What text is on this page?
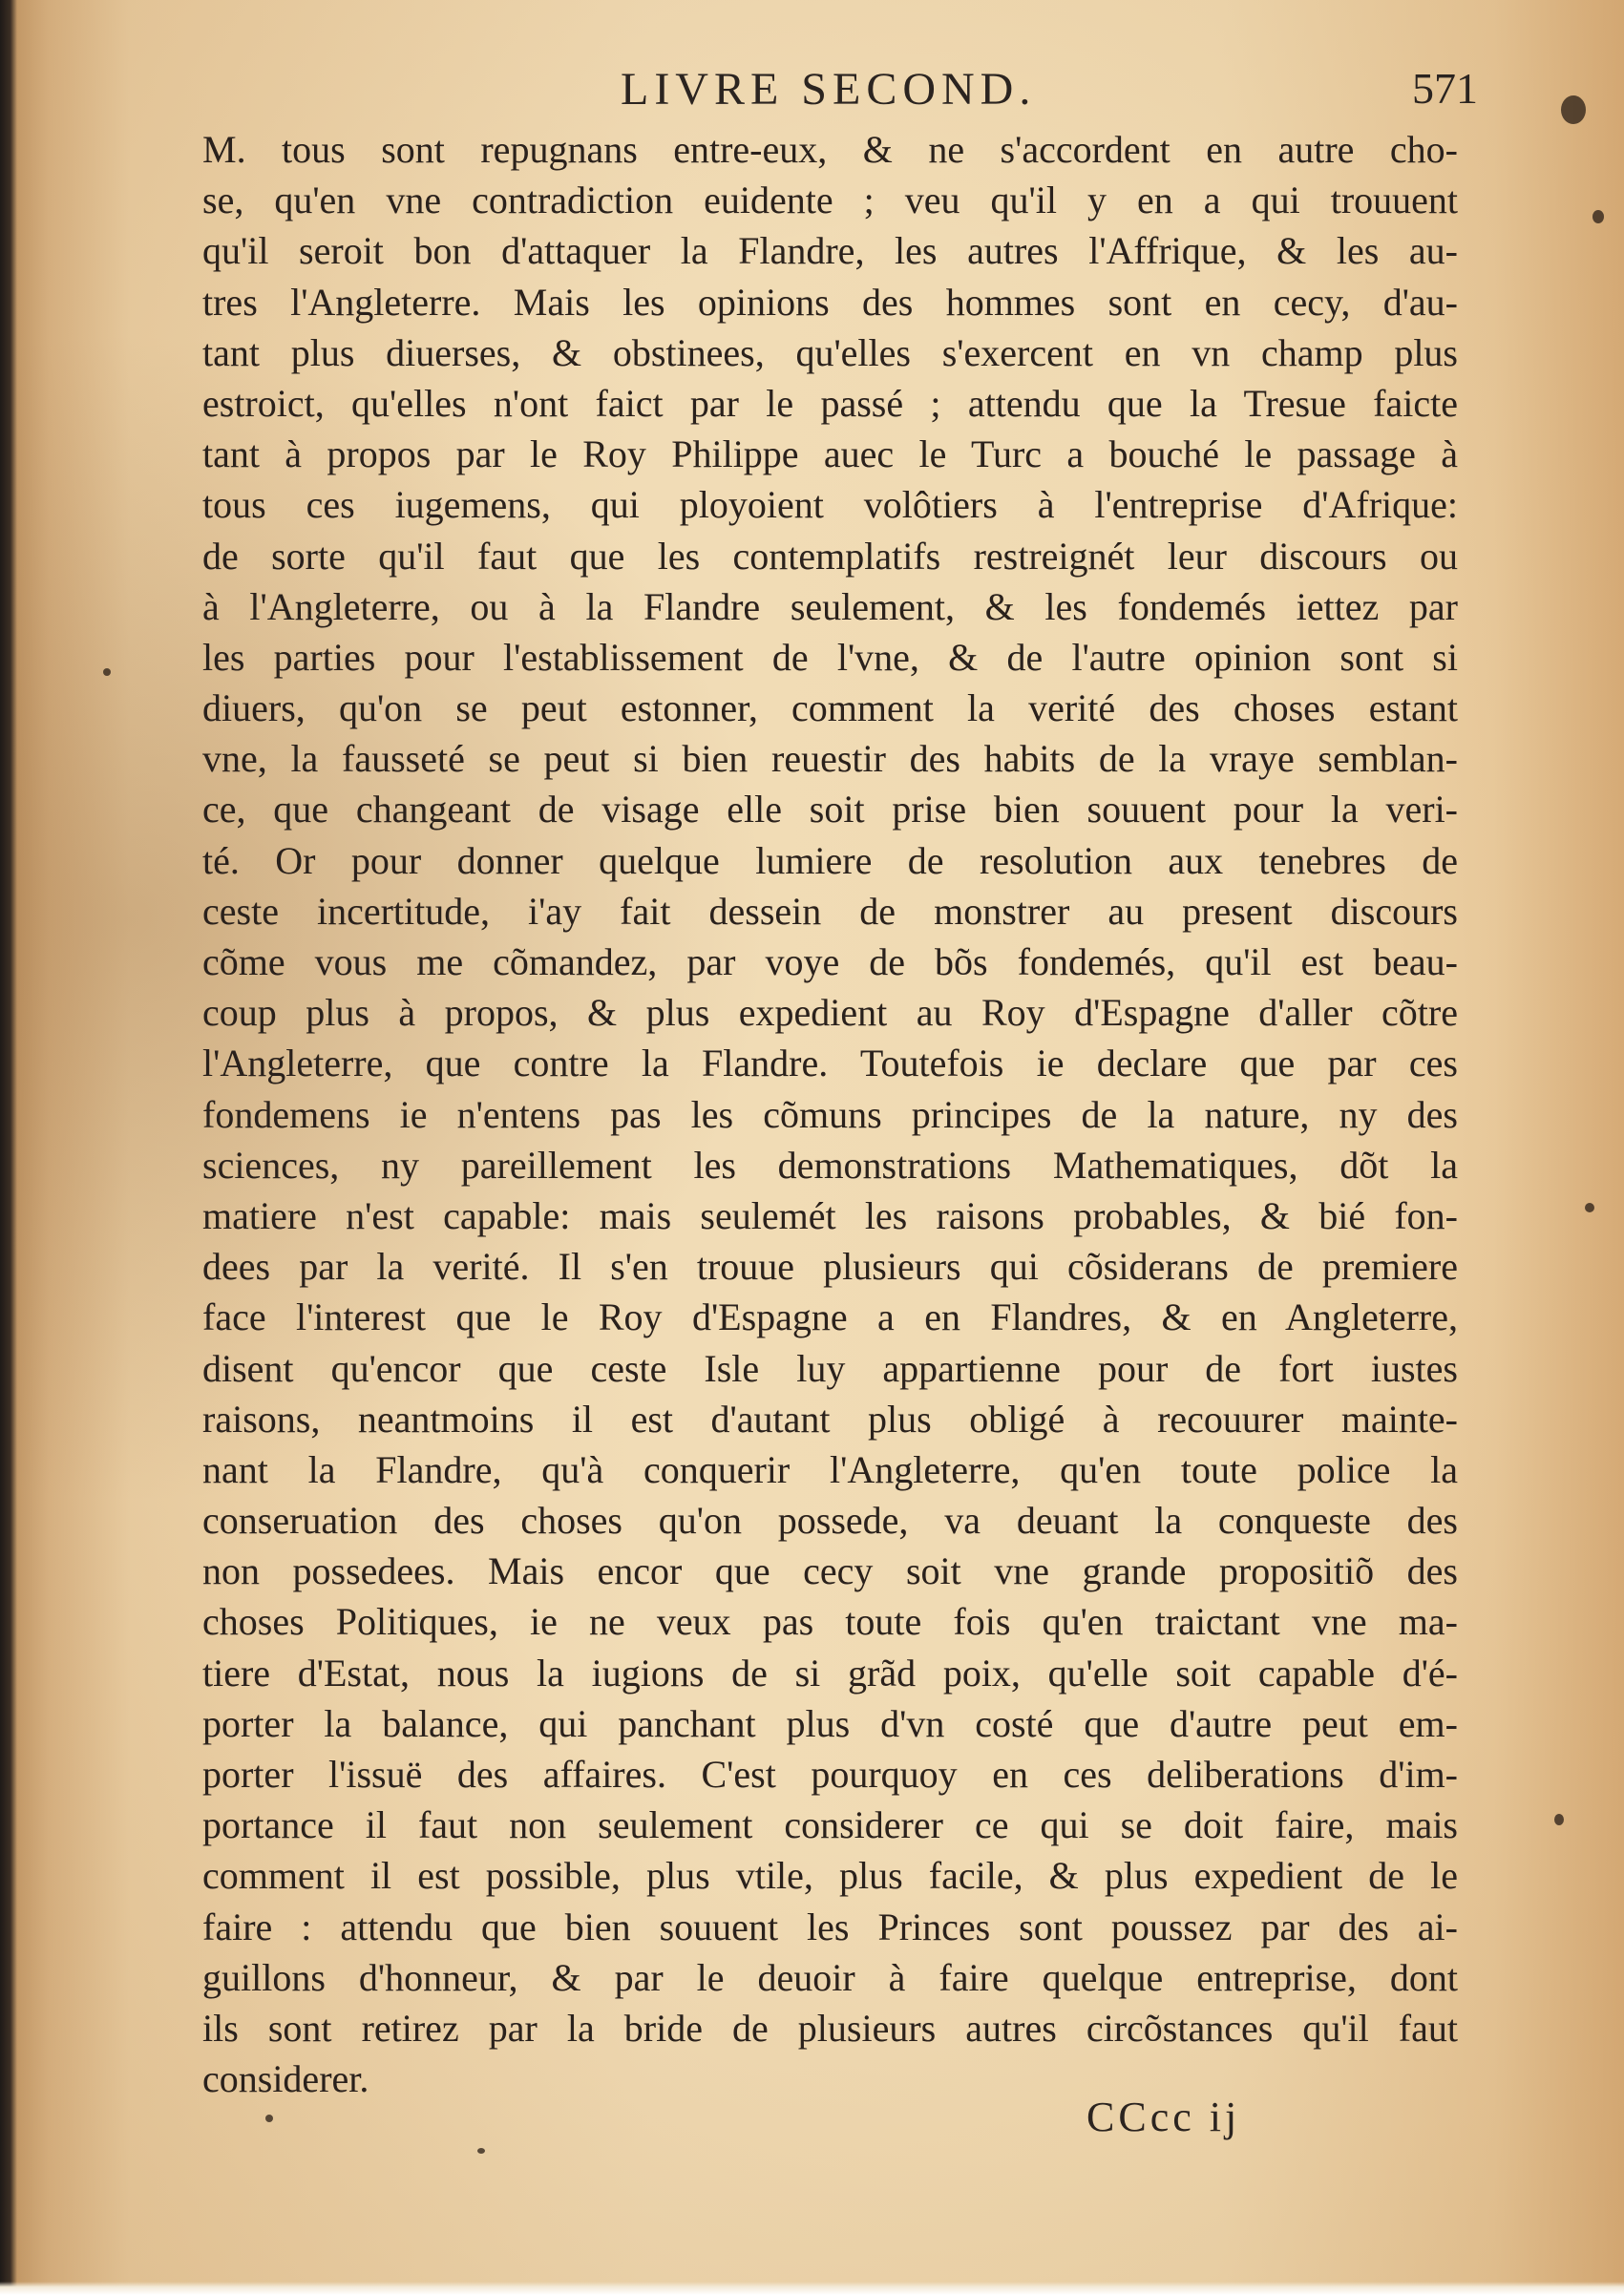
LIVRE SECOND.	571
M. tous sont repugnans entre-eux, & ne s'accordent en autre cho-
se, qu'en vne contradiction euidente ; veu qu'il y en a qui trouuent
qu'il seroit bon d'attaquer la Flandre, les autres l'Affrique, & les au-
tres l'Angleterre. Mais les opinions des hommes sont en cecy, d'au-
tant plus diuerses, & obstinees, qu'elles s'exercent en vn champ plus
estroict, qu'elles n'ont faict par le passé ; attendu que la Tresue faicte
tant à propos par le Roy Philippe auec le Turc a bouché le passage à
tous ces iugemens, qui ployoient volôtiers à l'entreprise d'Afrique:
de sorte qu'il faut que les contemplatifs restreignét leur discours ou
à l'Angleterre, ou à la Flandre seulement, & les fondemés iettez par
les parties pour l'establissement de l'vne, & de l'autre opinion sont si
diuers, qu'on se peut estonner, comment la verité des choses estant
vne, la fausseté se peut si bien reuestir des habits de la vraye semblan-
ce, que changeant de visage elle soit prise bien souuent pour la veri-
té. Or pour donner quelque lumiere de resolution aux tenebres de
ceste incertitude, i'ay fait dessein de monstrer au present discours
cõme vous me cõmandez, par voye de bõs fondemés, qu'il est beau-
coup plus à propos, & plus expedient au Roy d'Espagne d'aller cõtre
l'Angleterre, que contre la Flandre. Toutefois ie declare que par ces
fondemens ie n'entens pas les cõmuns principes de la nature, ny des
sciences, ny pareillement les demonstrations Mathematiques, dõt la
matiere n'est capable: mais seulemét les raisons probables, & bié fon-
dees par la verité. Il s'en trouue plusieurs qui cõsiderans de premiere
face l'interest que le Roy d'Espagne a en Flandres, & en Angleterre,
disent qu'encor que ceste Isle luy appartienne pour de fort iustes
raisons, neantmoins il est d'autant plus obligé à recouurer mainte-
nant la Flandre, qu'à conquerir l'Angleterre, qu'en toute police la
conseruation des choses qu'on possede, va deuant la conqueste des
non possedees. Mais encor que cecy soit vne grande propositiõ des
choses Politiques, ie ne veux pas toute fois qu'en traictant vne ma-
tiere d'Estat, nous la iugions de si grãd poix, qu'elle soit capable d'é-
porter la balance, qui panchant plus d'vn costé que d'autre peut em-
porter l'issuë des affaires. C'est pourquoy en ces deliberations d'im-
portance il faut non seulement considerer ce qui se doit faire, mais
comment il est possible, plus vtile, plus facile, & plus expedient de le
faire : attendu que bien souuent les Princes sont poussez par des ai-
guillons d'honneur, & par le deuoir à faire quelque entreprise, dont
ils sont retirez par la bride de plusieurs autres circõstances qu'il faut
considerer.
CCcc ij
